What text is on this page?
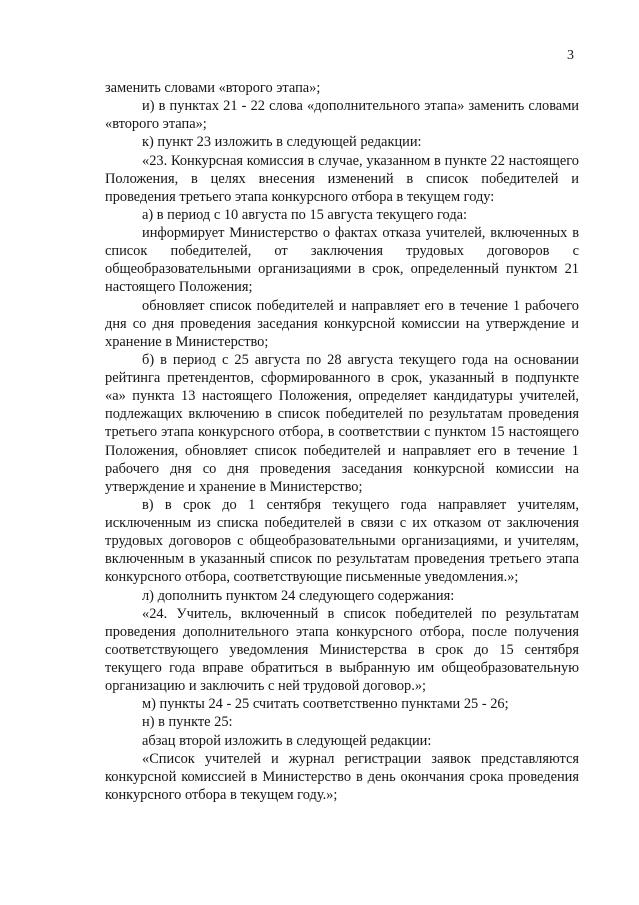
3

заменить словами «второго этапа»;

и) в пунктах 21 - 22 слова «дополнительного этапа» заменить словами «второго этапа»;

к) пункт 23 изложить в следующей редакции:

«23. Конкурсная комиссия в случае, указанном в пункте 22 настоящего Положения, в целях внесения изменений в список победителей и проведения третьего этапа конкурсного отбора в текущем году:

а) в период с 10 августа по 15 августа текущего года:

информирует Министерство о фактах отказа учителей, включенных в список победителей, от заключения трудовых договоров с общеобразовательными организациями в срок, определенный пунктом 21 настоящего Положения;

обновляет список победителей и направляет его в течение 1 рабочего дня со дня проведения заседания конкурсной комиссии на утверждение и хранение в Министерство;

б) в период с 25 августа по 28 августа текущего года на основании рейтинга претендентов, сформированного в срок, указанный в подпункте «а» пункта 13 настоящего Положения, определяет кандидатуры учителей, подлежащих включению в список победителей по результатам проведения третьего этапа конкурсного отбора, в соответствии с пунктом 15 настоящего Положения, обновляет список победителей и направляет его в течение 1 рабочего дня со дня проведения заседания конкурсной комиссии на утверждение и хранение в Министерство;

в) в срок до 1 сентября текущего года направляет учителям, исключенным из списка победителей в связи с их отказом от заключения трудовых договоров с общеобразовательными организациями, и учителям, включенным в указанный список по результатам проведения третьего этапа конкурсного отбора, соответствующие письменные уведомления.»;

л) дополнить пунктом 24 следующего содержания:

«24. Учитель, включенный в список победителей по результатам проведения дополнительного этапа конкурсного отбора, после получения соответствующего уведомления Министерства в срок до 15 сентября текущего года вправе обратиться в выбранную им общеобразовательную организацию и заключить с ней трудовой договор.»;

м) пункты 24 - 25 считать соответственно пунктами 25 - 26;

н) в пункте 25:

абзац второй изложить в следующей редакции:

«Список учителей и журнал регистрации заявок представляются конкурсной комиссией в Министерство в день окончания срока проведения конкурсного отбора в текущем году.»;
